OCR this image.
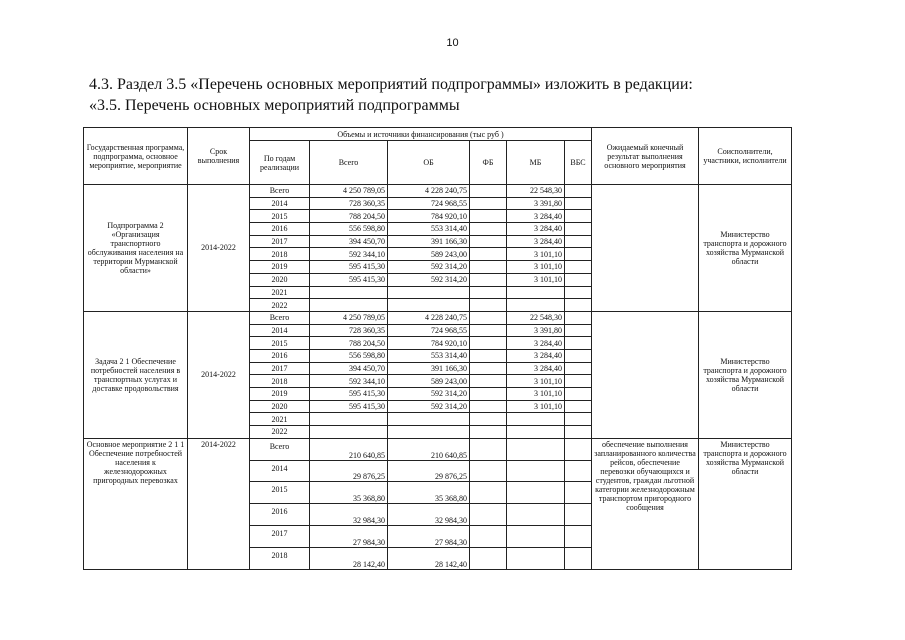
10
4.3. Раздел 3.5 «Перечень основных мероприятий подпрограммы» изложить в редакции:
«3.5. Перечень основных мероприятий подпрограммы
Государственная программа, подпрограмма, основное мероприятие, мероприятие	Срок выполнения	Объемы и источники финансирования (тыс руб )						Ожидаемый конечный результат выполнения основного мероприятия	Соисполнители, участники, исполнители
		По годам реализации	Всего	ОБ	ФБ	МБ	ВБС		
Подпрограмма 2 «Организация транспортного обслуживания населения на территории Мурманской области»	2014-2022	Всего	4 250 789,05	4 228 240,75		22 548,30			Министерство транспорта и дорожного хозяйства Мурманской области
		2014	728 360,35	724 968,55		3 391,80			
		2015	788 204,50	784 920,10		3 284,40			
		2016	556 598,80	553 314,40		3 284,40			
		2017	394 450,70	391 166,30		3 284,40			
		2018	592 344,10	589 243,00		3 101,10			
		2019	595 415,30	592 314,20		3 101,10			
		2020	595 415,30	592 314,20		3 101,10			
		2021							
		2022							
Задача 2 1 Обеспечение потребностей населения в транспортных услугах и доставке продовольствия	2014-2022	Всего	4 250 789,05	4 228 240,75		22 548,30			Министерство транспорта и дорожного хозяйства Мурманской области
		2014	728 360,35	724 968,55		3 391,80			
		2015	788 204,50	784 920,10		3 284,40			
		2016	556 598,80	553 314,40		3 284,40			
		2017	394 450,70	391 166,30		3 284,40			
		2018	592 344,10	589 243,00		3 101,10			
		2019	595 415,30	592 314,20		3 101,10			
		2020	595 415,30	592 314,20		3 101,10			
		2021							
		2022							
Основное мероприятие 2 1 1 Обеспечение потребностей населения к железнодорожных пригородных перевозках	2014-2022	Всего	210 640,85	210 640,85				обеспечение выполнения запланированного количества рейсов, обеспечение перевозки обучающихся и студентов, граждан льготной категории железнодорожным транспортом пригородного сообщения	Министерство транспорта и дорожного хозяйства Мурманской области
		2014	29 876,25	29 876,25					
		2015	35 368,80	35 368,80					
		2016	32 984,30	32 984,30					
		2017	27 984,30	27 984,30					
		2018	28 142,40	28 142,40					
